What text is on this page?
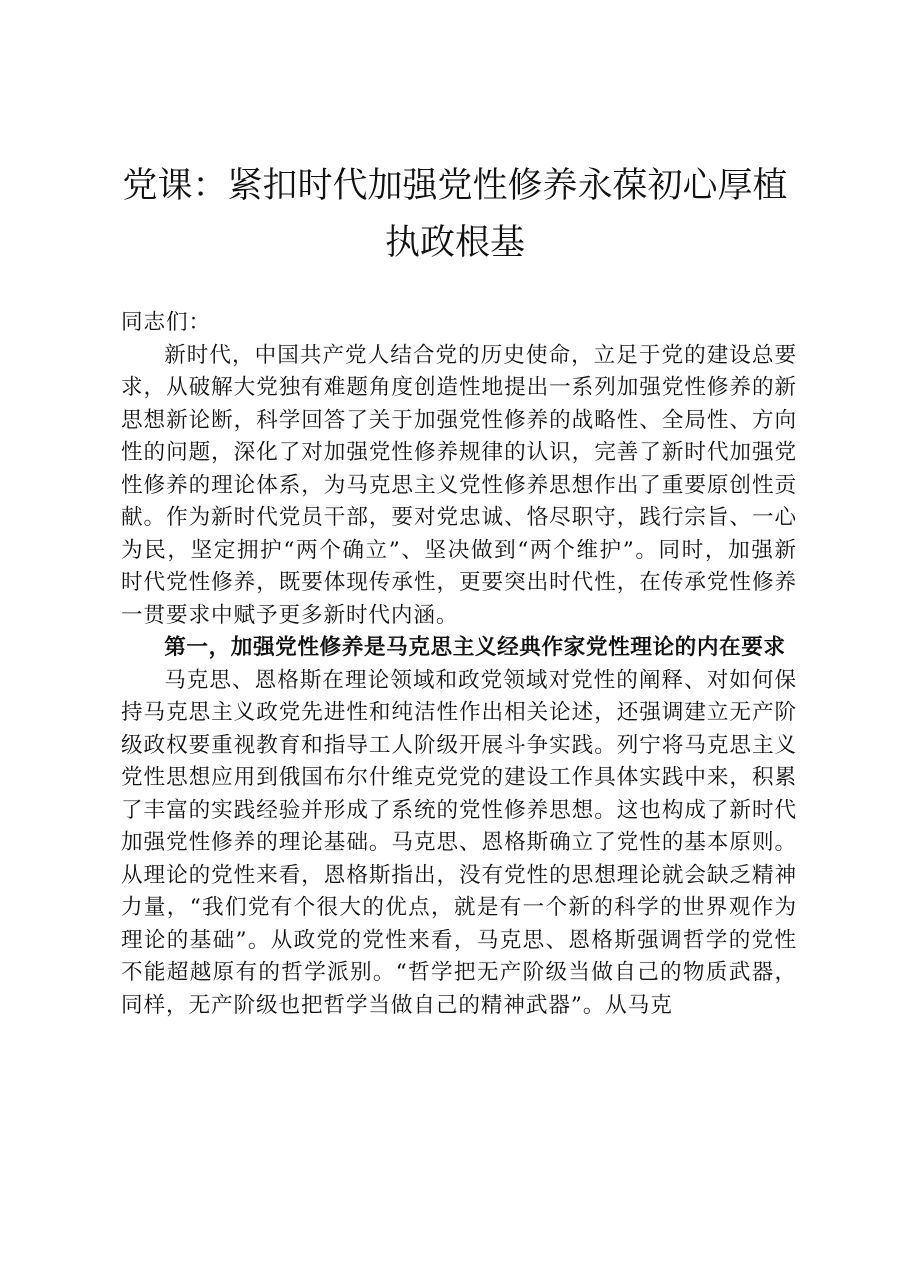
党课：紧扣时代加强党性修养永葆初心厚植执政根基

同志们：

新时代，中国共产党人结合党的历史使命，立足于党的建设总要求，从破解大党独有难题角度创造性地提出一系列加强党性修养的新思想新论断，科学回答了关于加强党性修养的战略性、全局性、方向性的问题，深化了对加强党性修养规律的认识，完善了新时代加强党性修养的理论体系，为马克思主义党性修养思想作出了重要原创性贡献。作为新时代党员干部，要对党忠诚、恪尽职守，践行宗旨、一心为民，坚定拥护“两个确立”、坚决做到“两个维护”。同时，加强新时代党性修养，既要体现传承性，更要突出时代性，在传承党性修养一贯要求中赋予更多新时代内涵。

第一，加强党性修养是马克思主义经典作家党性理论的内在要求

马克思、恩格斯在理论领域和政党领域对党性的阐释、对如何保持马克思主义政党先进性和纯洁性作出相关论述，还强调建立无产阶级政权要重视教育和指导工人阶级开展斗争实践。列宁将马克思主义党性思想应用到俄国布尔什维克党党的建设工作具体实践中来，积累了丰富的实践经验并形成了系统的党性修养思想。这也构成了新时代加强党性修养的理论基础。马克思、恩格斯确立了党性的基本原则。从理论的党性来看，恩格斯指出，没有党性的思想理论就会缺乏精神力量，“我们党有个很大的优点，就是有一个新的科学的世界观作为理论的基础”。从政党的党性来看，马克思、恩格斯强调哲学的党性不能超越原有的哲学派别。“哲学把无产阶级当做自己的物质武器，同样，无产阶级也把哲学当做自己的精神武器”。从马克
